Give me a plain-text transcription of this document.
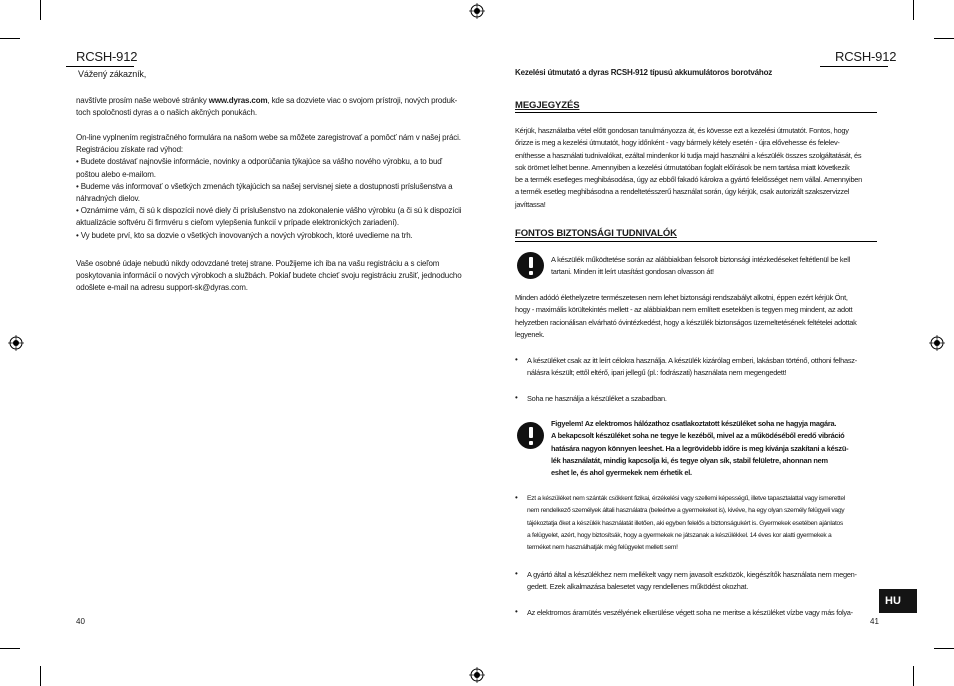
RCSH-912
Vážený zákazník,
navštívte prosím naše webové stránky www.dyras.com, kde sa dozviete viac o svojom prístroji, nových produk-
toch spoločnosti dyras a o našich akčných ponukách.
On-line vyplnením registračného formulára na našom webe sa môžete zaregistrovať a pomôcť nám v našej práci.
Registráciou získate rad výhod:
• Budete dostávať najnovšie informácie, novinky a odporúčania týkajúce sa vášho nového výrobku, a to buď
poštou alebo e-mailom.
• Budeme vás informovať o všetkých zmenách týkajúcich sa našej servisnej siete a dostupnosti príslušenstva a
náhradných dielov.
• Oznámime vám, či sú k dispozícii nové diely či príslušenstvo na zdokonalenie vášho výrobku (a či sú k dispozícii
aktualizácie softvéru či firmvéru s cieľom vylepšenia funkcií v prípade elektronických zariadení).
• Vy budete prví, kto sa dozvie o všetkých inovovaných a nových výrobkoch, ktoré uvedieme na trh.
Vaše osobné údaje nebudú nikdy odovzdané tretej strane. Použijeme ich iba na vašu registráciu a s cieľom
poskytovania informácií o nových výrobkoch a službách. Pokiaľ budete chcieť svoju registráciu zrušiť, jednoducho
odošlete e-mail na adresu support-sk@dyras.com.
40
RCSH-912
Kezelési útmutató a dyras RCSH-912 típusú akkumulátoros borotvához
MEGJEGYZÉS
Kérjük, használatba vétel előtt gondosan tanulmányozza át, és kövesse ezt a kezelési útmutatót. Fontos, hogy
őrizze is meg a kezelési útmutatót, hogy időnként - vagy bármely kétely esetén - újra elővehesse és felelev-
eníthesse a használati tudnivalókat, ezáltal mindenkor ki tudja majd használni a készülék összes szolgáltatását, és
sok örömet lelhet benne. Amennyiben a kezelési útmutatóban foglalt előírások be nem tartása miatt következik
be a termék esetleges meghibásodása, úgy az ebből fakadó károkra a gyártó felelősséget nem vállal. Amennyiben
a termék esetleg meghibásodna a rendeltetésszerű használat során, úgy kérjük, csak autorizált szakszervizzel
javíttassa!
FONTOS BIZTONSÁGI TUDNIVALÓK
A készülék működtetése során az alábbiakban felsorolt biztonsági intézkedéseket feltétlenül be kell
tartani. Minden itt leírt utasítást gondosan olvasson át!
Minden adódó élethelyzetre természetesen nem lehet biztonsági rendszabályt alkotni, éppen ezért kérjük Önt,
hogy - maximális körültekintés mellett - az alábbiakban nem említett esetekben is tegyen meg mindent, az adott
helyzetben racionálisan elvárható óvintézkedést, hogy a készülék biztonságos üzemeltetésének feltételei adottak
legyenek.
• A készüléket csak az itt leírt célokra használja. A készülék kizárólag emberi, lakásban történő, otthoni felhasz-
nálásra készült; ettől eltérő, ipari jellegű (pl.: fodrászati) használata nem megengedett!
• Soha ne használja a készüléket a szabadban.
Figyelem! Az elektromos hálózathoz csatlakoztatott készüléket soha ne hagyja magára.
A bekapcsolt készüléket soha ne tegye le kezéből, mivel az a működéséből eredő vibráció
hatására nagyon könnyen leeshet. Ha a legrövidebb időre is meg kívánja szakítani a készü-
lék használatát, mindig kapcsolja ki, és tegye olyan sík, stabil felületre, ahonnan nem
eshet le, és ahol gyermekek nem érhetik el.
• Ezt a készüléket nem szánták csökkent fizikai, érzékelési vagy szellemi képességű, illetve tapasztalattal vagy ismerettel
nem rendelkező személyek általi használatra (beleértve a gyermekeket is), kivéve, ha egy olyan személy felügyeli vagy
tájékoztatja őket a készülék használatát illetően, aki egyben felelős a biztonságukért is. Gyermekek esetében ajánlatos
a felügyelet, azért, hogy biztosítsák, hogy a gyermekek ne játszanak a készülékkel. 14 éves kor alatti gyermekek a
terméket nem használhatják még felügyelet mellett sem!
• A gyártó által a készülékhez nem mellékelt vagy nem javasolt eszközök, kiegészítők használata nem megen-
gedett. Ezek alkalmazása balesetet vagy rendellenes működést okozhat.
• Az elektromos áramütés veszélyének elkerülése végett soha ne meritse a készüléket vízbe vagy más folya-
HU
41
